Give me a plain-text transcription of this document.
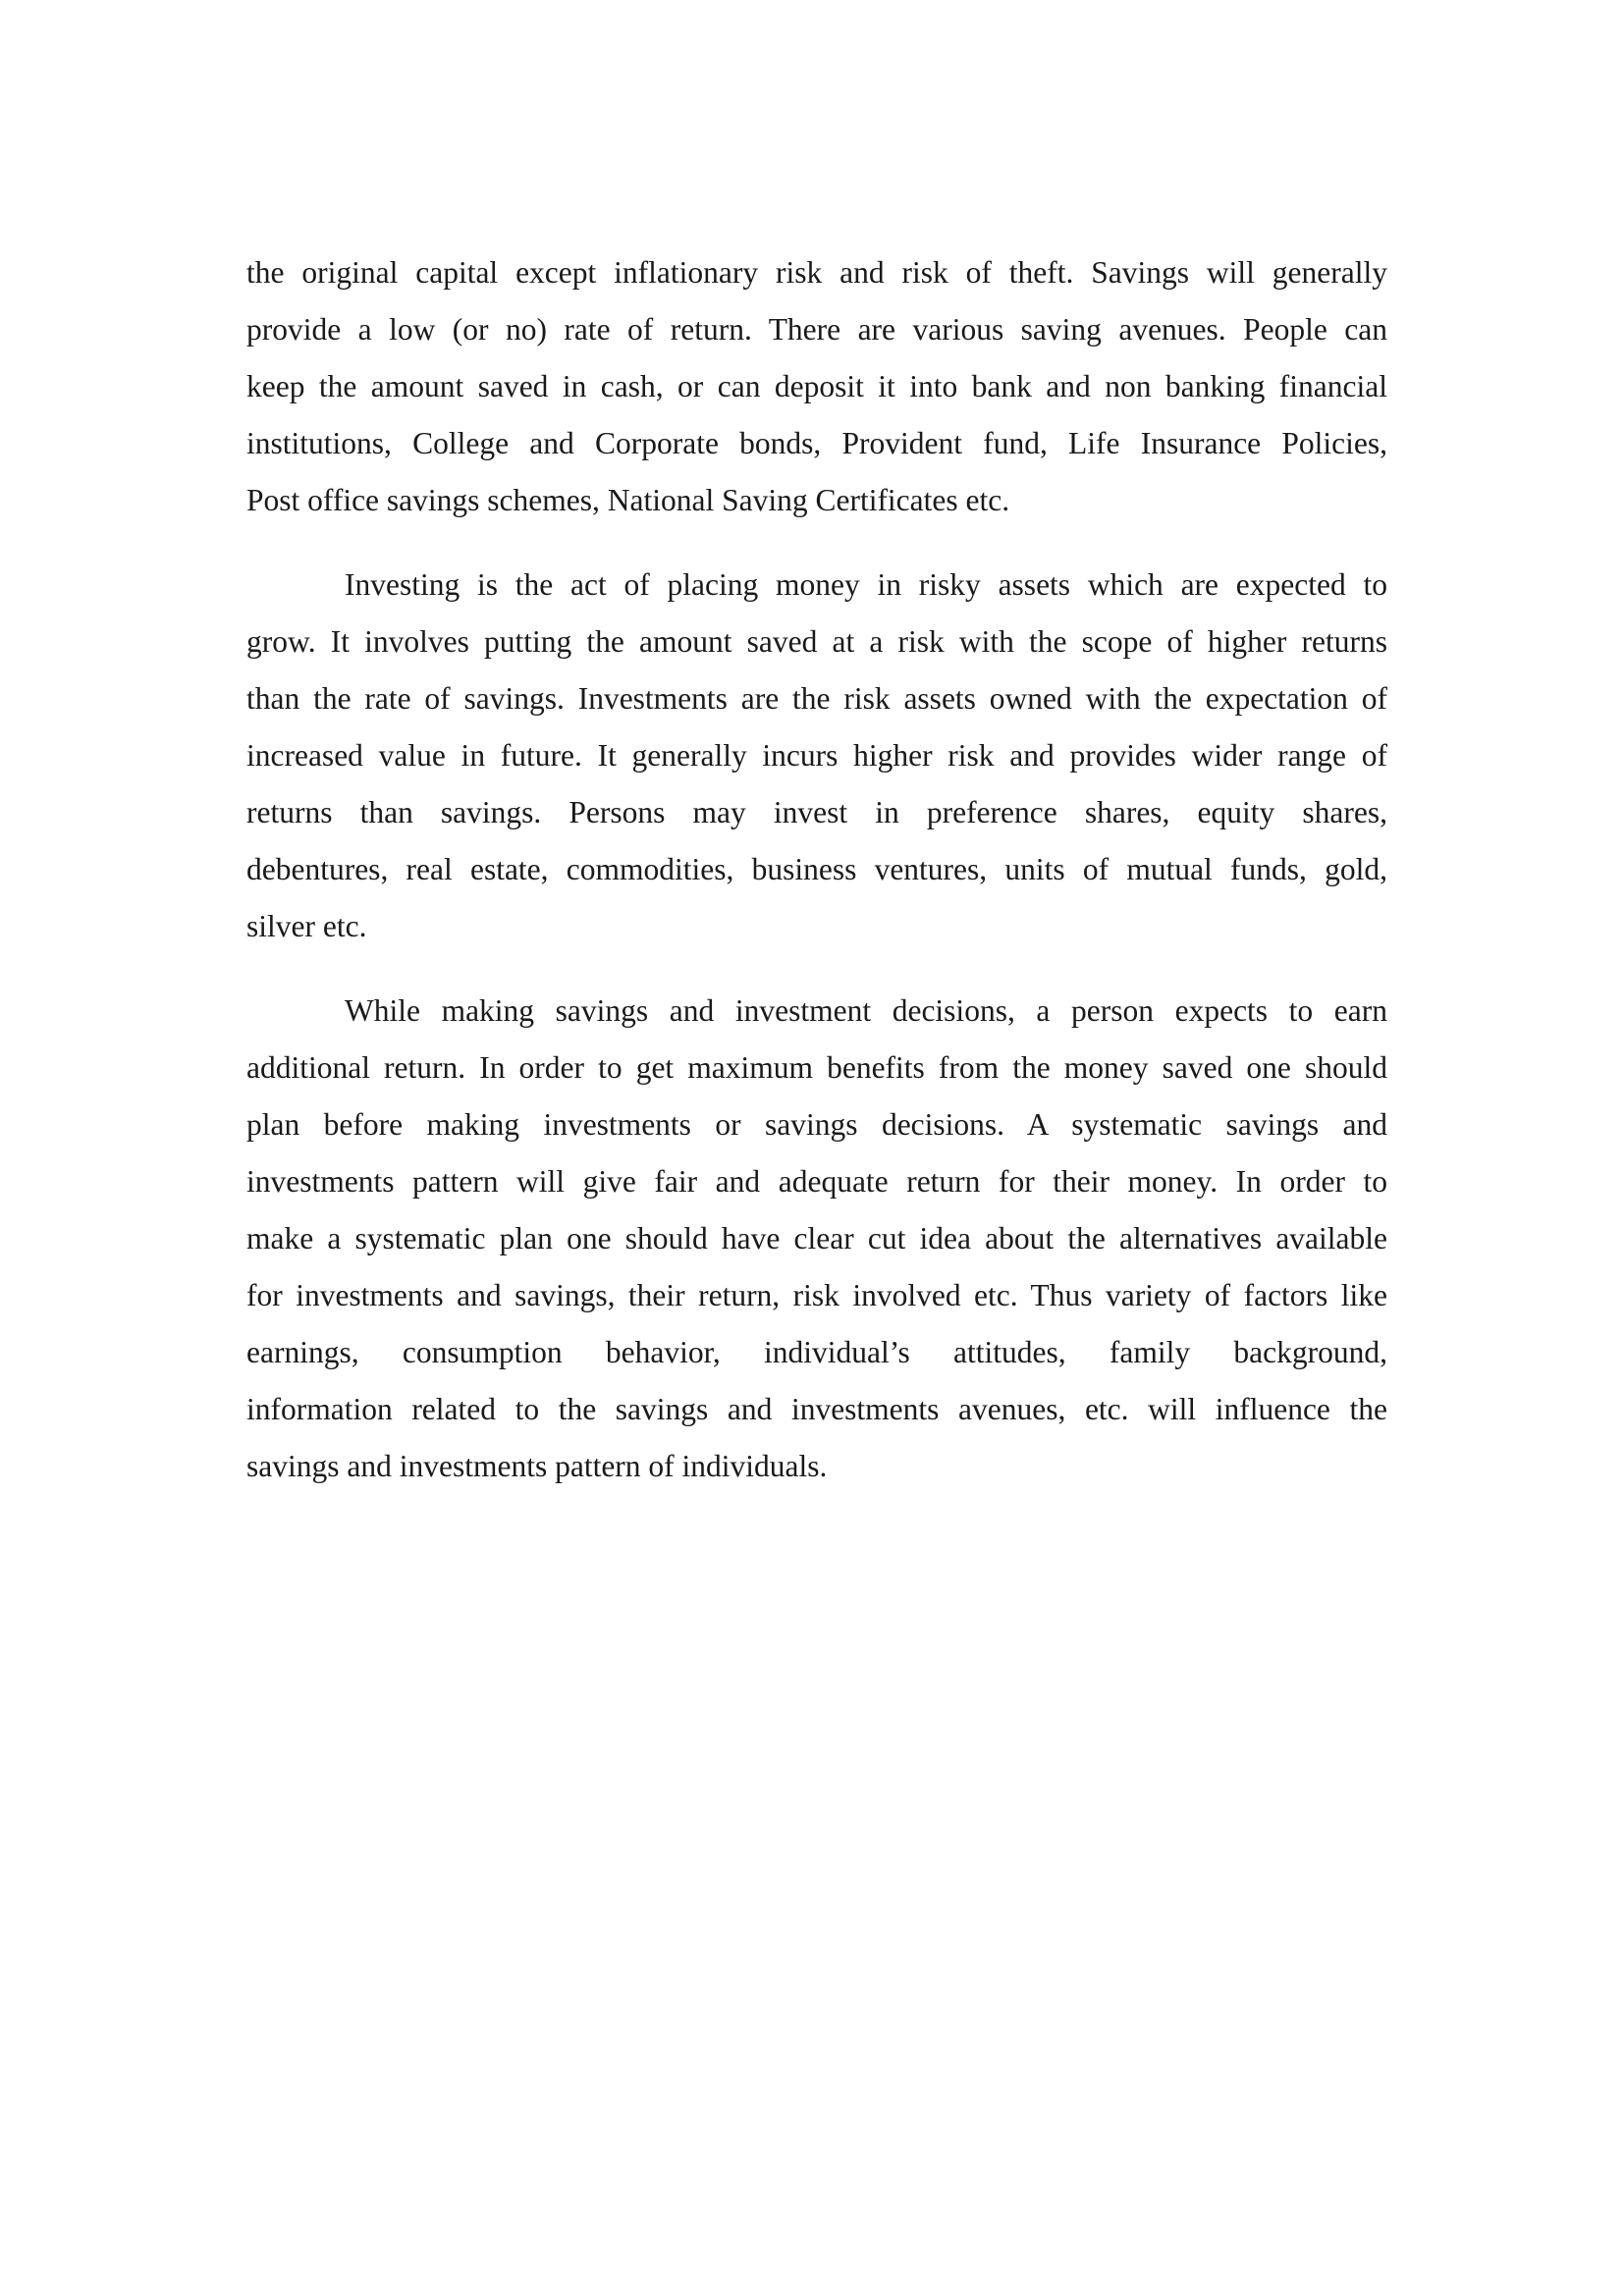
the original capital except inflationary risk and risk of theft. Savings will generally
provide a low (or no) rate of return. There are various saving avenues. People can
keep the amount saved in cash, or can deposit it into bank and non banking financial
institutions, College and Corporate bonds, Provident fund, Life Insurance Policies,
Post office savings schemes, National Saving Certificates etc.
Investing is the act of placing money in risky assets which are expected to
grow. It involves putting the amount saved at a risk with the scope of higher returns
than the rate of savings. Investments are the risk assets owned with the expectation of
increased value in future. It generally incurs higher risk and provides wider range of
returns than savings. Persons may invest in preference shares, equity shares,
debentures, real estate, commodities, business ventures, units of mutual funds, gold,
silver etc.
While making savings and investment decisions, a person expects to earn
additional return. In order to get maximum benefits from the money saved one should
plan before making investments or savings decisions. A systematic savings and
investments pattern will give fair and adequate return for their money. In order to
make a systematic plan one should have clear cut idea about the alternatives available
for investments and savings, their return, risk involved etc. Thus variety of factors like
earnings, consumption behavior, individual’s attitudes, family background,
information related to the savings and investments avenues, etc. will influence the
savings and investments pattern of individuals.
